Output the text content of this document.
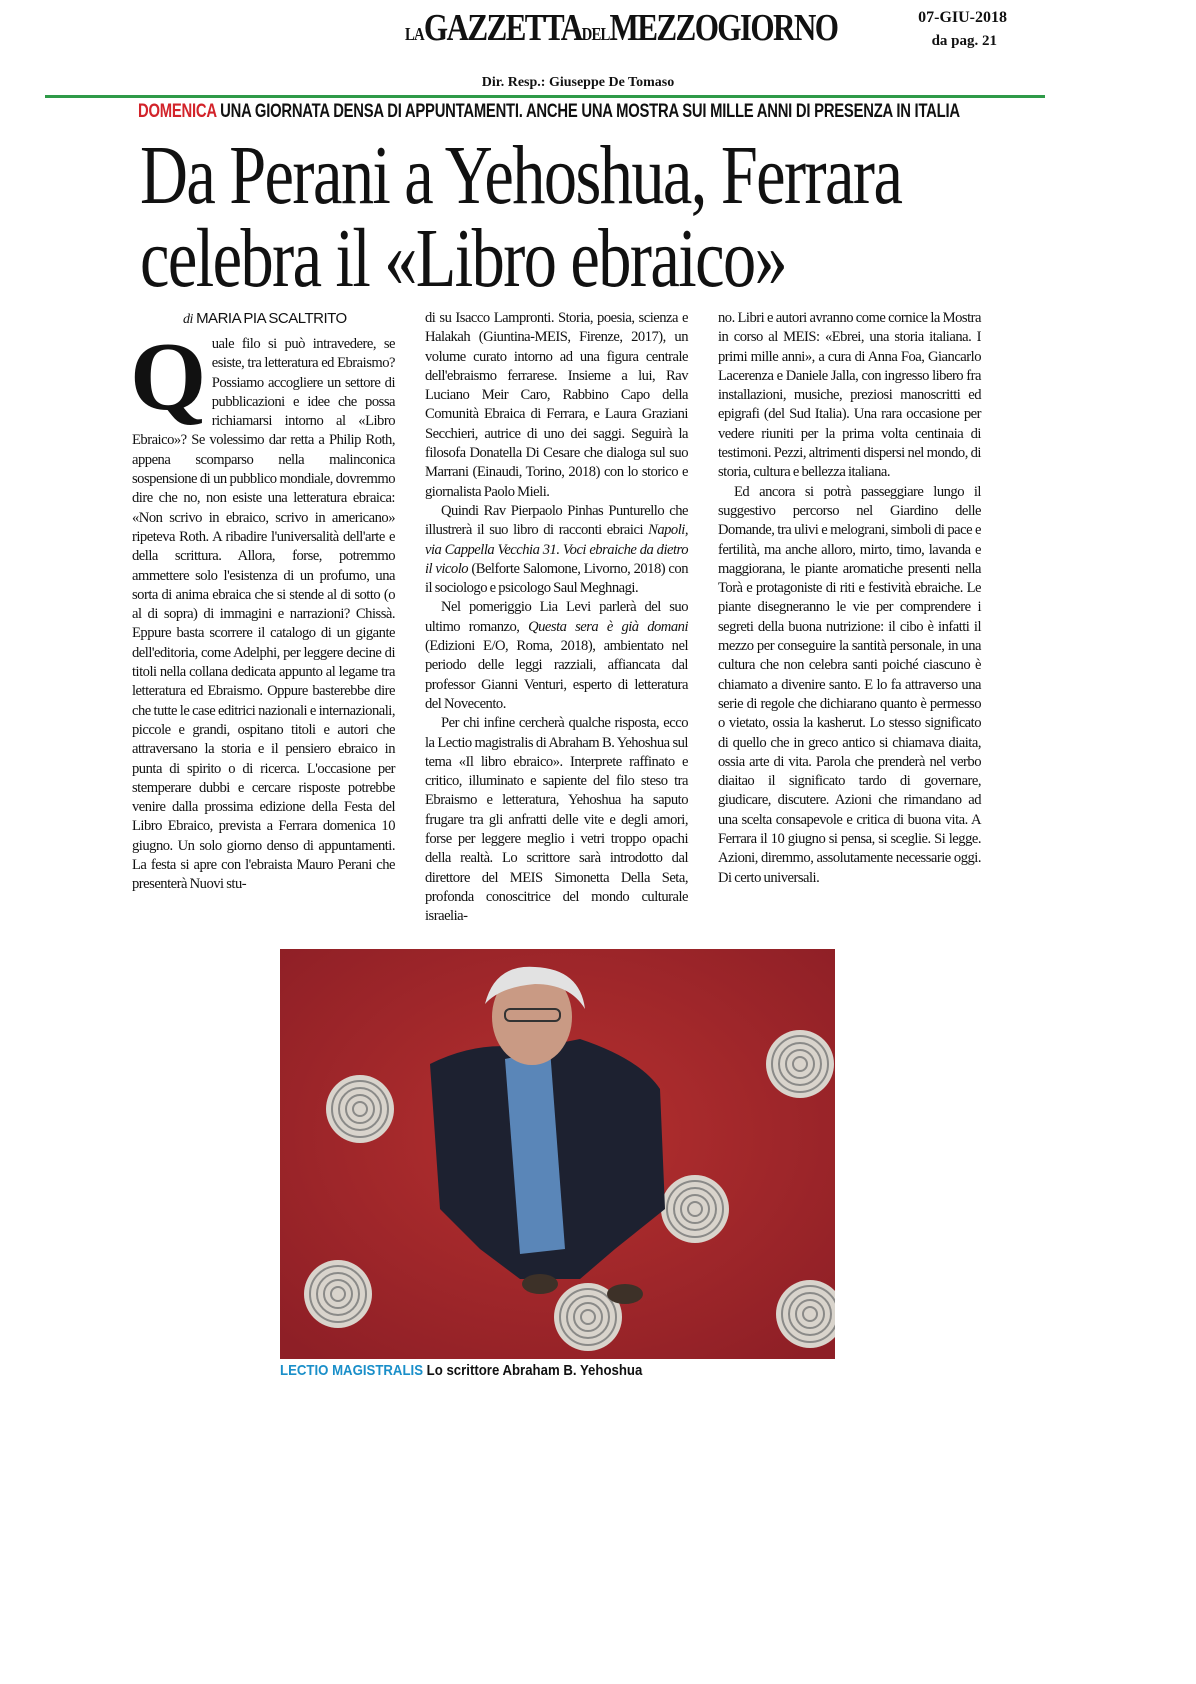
LAGAZZETTADELMEZZOGIORNO	07-GIU-2018
da pag. 21
Dir. Resp.: Giuseppe De Tomaso
DOMENICA UNA GIORNATA DENSA DI APPUNTAMENTI. ANCHE UNA MOSTRA SUI MILLE ANNI DI PRESENZA IN ITALIA
Da Perani a Yehoshua, Ferrara
celebra il «Libro ebraico»
di MARIA PIA SCALTRITO

Quale filo si può intravedere, se esiste, tra letteratura ed Ebraismo? Possiamo accogliere un settore di pubblicazioni e idee che possa richiamarsi intorno al «Libro Ebraico»? Se volessimo dar retta a Philip Roth, appena scomparso nella malinconica sospensione di un pubblico mondiale, dovremmo dire che no, non esiste una letteratura ebraica: «Non scrivo in ebraico, scrivo in americano» ripeteva Roth. A ribadire l'universalità dell'arte e della scrittura. Allora, forse, potremmo ammettere solo l'esistenza di un profumo, una sorta di anima ebraica che si stende al di sotto (o al di sopra) di immagini e narrazioni? Chissà. Eppure basta scorrere il catalogo di un gigante dell'editoria, come Adelphi, per leggere decine di titoli nella collana dedicata appunto al legame tra letteratura ed Ebraismo. Oppure basterebbe dire che tutte le case editrici nazionali e internazionali, piccole e grandi, ospitano titoli e autori che attraversano la storia e il pensiero ebraico in punta di spirito o di ricerca. L'occasione per stemperare dubbi e cercare risposte potrebbe venire dalla prossima edizione della Festa del Libro Ebraico, prevista a Ferrara domenica 10 giugno. Un solo giorno denso di appuntamenti. La festa si apre con l'ebraista Mauro Perani che presenterà Nuovi stu-

di su Isacco Lampronti. Storia, poesia, scienza e Halakah (Giuntina-MEIS, Firenze, 2017), un volume curato intorno ad una figura centrale dell'ebraismo ferrarese. Insieme a lui, Rav Luciano Meir Caro, Rabbino Capo della Comunità Ebraica di Ferrara, e Laura Graziani Secchieri, autrice di uno dei saggi. Seguirà la filosofa Donatella Di Cesare che dialoga sul suo Marrani (Einaudi, Torino, 2018) con lo storico e giornalista Paolo Mieli.

Quindi Rav Pierpaolo Pinhas Punturello che illustrerà il suo libro di racconti ebraici Napoli, via Cappella Vecchia 31. Voci ebraiche da dietro il vicolo (Belforte Salomone, Livorno, 2018) con il sociologo e psicologo Saul Meghnagi.

Nel pomeriggio Lia Levi parlerà del suo ultimo romanzo, Questa sera è già domani (Edizioni E/O, Roma, 2018), ambientato nel periodo delle leggi razziali, affiancata dal professor Gianni Venturi, esperto di letteratura del Novecento.

Per chi infine cercherà qualche risposta, ecco la Lectio magistralis di Abraham B. Yehoshua sul tema «Il libro ebraico». Interprete raffinato e critico, illuminato e sapiente del filo steso tra Ebraismo e letteratura, Yehoshua ha saputo frugare tra gli anfratti delle vite e degli amori, forse per leggere meglio i vetri troppo opachi della realtà. Lo scrittore sarà introdotto dal direttore del MEIS Simonetta Della Seta, profonda conoscitrice del mondo culturale israelia-

no. Libri e autori avranno come cornice la Mostra in corso al MEIS: «Ebrei, una storia italiana. I primi mille anni», a cura di Anna Foa, Giancarlo Lacerenza e Daniele Jalla, con ingresso libero fra installazioni, musiche, preziosi manoscritti ed epigrafi (del Sud Italia). Una rara occasione per vedere riuniti per la prima volta centinaia di testimoni. Pezzi, altrimenti dispersi nel mondo, di storia, cultura e bellezza italiana.

Ed ancora si potrà passeggiare lungo il suggestivo percorso nel Giardino delle Domande, tra ulivi e melograni, simboli di pace e fertilità, ma anche alloro, mirto, timo, lavanda e maggiorana, le piante aromatiche presenti nella Torà e protagoniste di riti e festività ebraiche. Le piante disegneranno le vie per comprendere i segreti della buona nutrizione: il cibo è infatti il mezzo per conseguire la santità personale, in una cultura che non celebra santi poiché ciascuno è chiamato a divenire santo. E lo fa attraverso una serie di regole che dichiarano quanto è permesso o vietato, ossia la kasherut. Lo stesso significato di quello che in greco antico si chiamava diaita, ossia arte di vita. Parola che prenderà nel verbo diaitao il significato tardo di governare, giudicare, discutere. Azioni che rimandano ad una scelta consapevole e critica di buona vita. A Ferrara il 10 giugno si pensa, si sceglie. Si legge. Azioni, diremmo, assolutamente necessarie oggi. Di certo universali.

LECTIO MAGISTRALIS Lo scrittore Abraham B. Yehoshua
